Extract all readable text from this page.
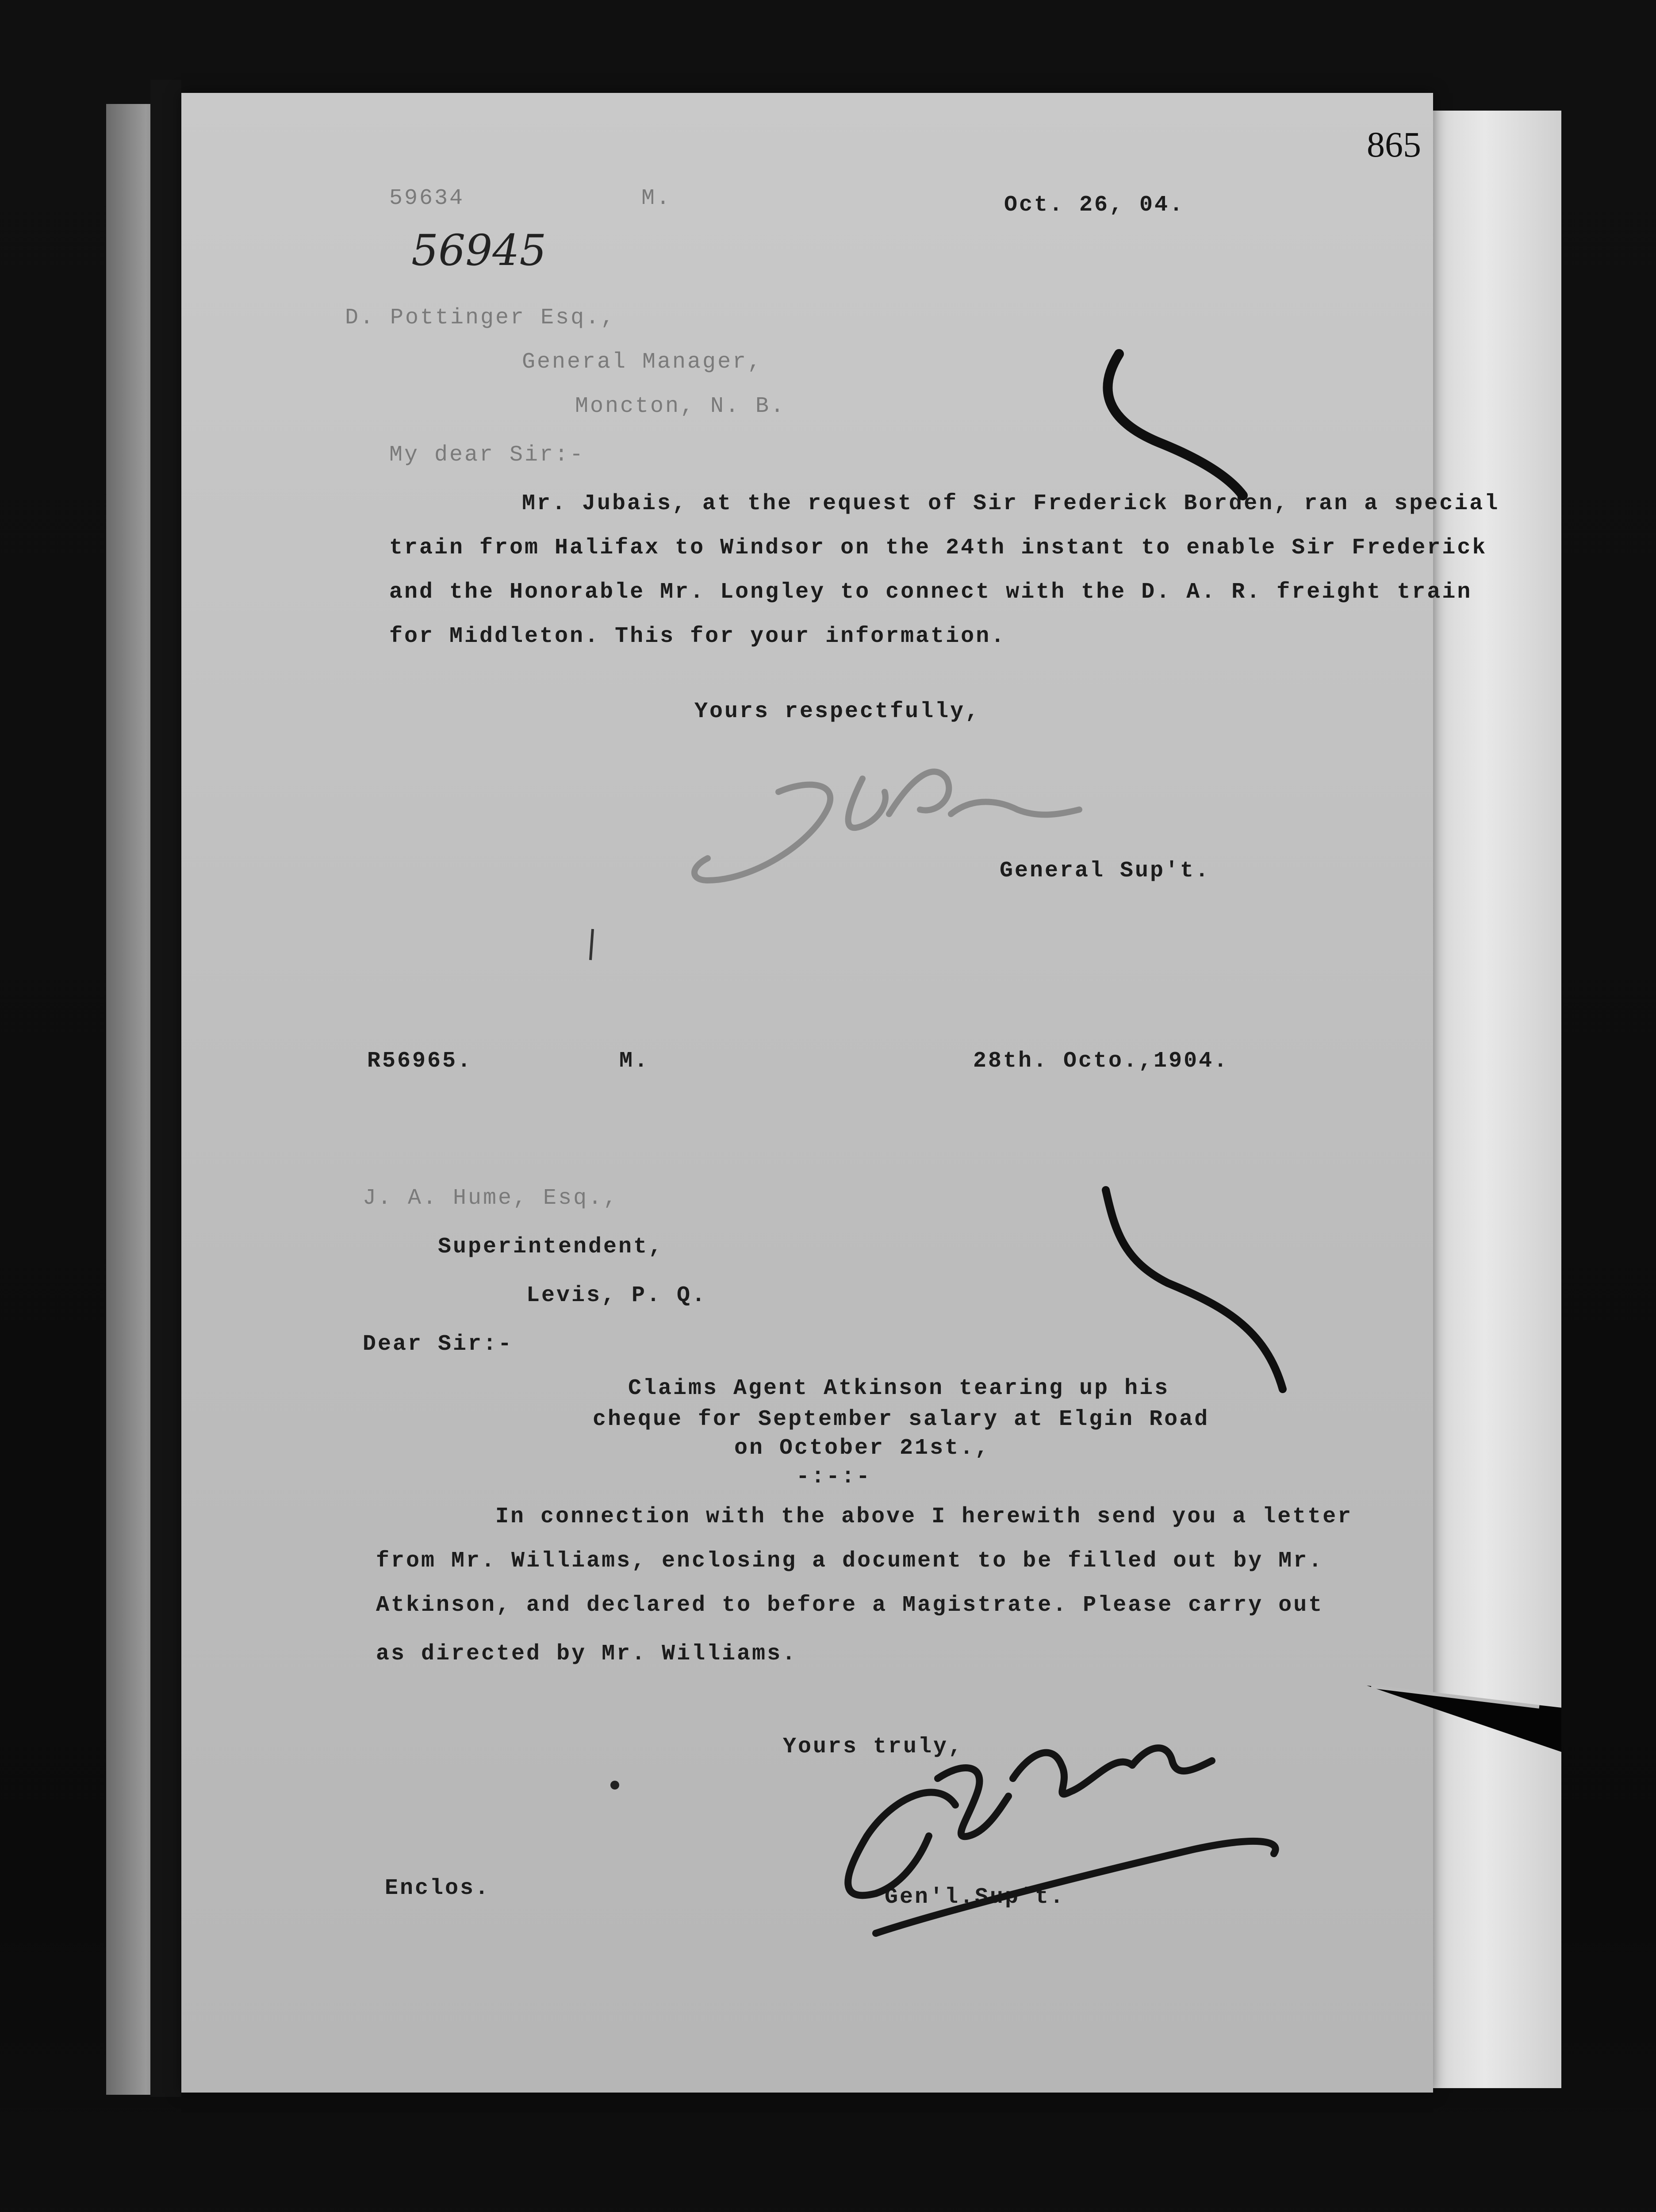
865
56945
59634	M.	Oct. 26, 04.
D. Pottinger Esq.,
General Manager,
Moncton, N. B.
My dear Sir:-
Mr. Jubais, at the request of Sir Frederick Borden, ran a special
train from Halifax to Windsor on the 24th instant to enable Sir Frederick
and the Honorable Mr. Longley to connect with the D. A. R. freight train
for Middleton. This for your information.
Yours respectfully,
General Sup't.
R56965.	M.	28th. Octo.,1904.
J. A. Hume, Esq.,
Superintendent,
Levis, P. Q.
Dear Sir:-
Claims Agent Atkinson tearing up his
cheque for September salary at Elgin Road
on October 21st.,
-:-:-
In connection with the above I herewith send you a letter
from Mr. Williams, enclosing a document to be filled out by Mr.
Atkinson, and declared to before a Magistrate. Please carry out
as directed by Mr. Williams.
Yours truly,
Gen'l.Sup't.
Enclos.
